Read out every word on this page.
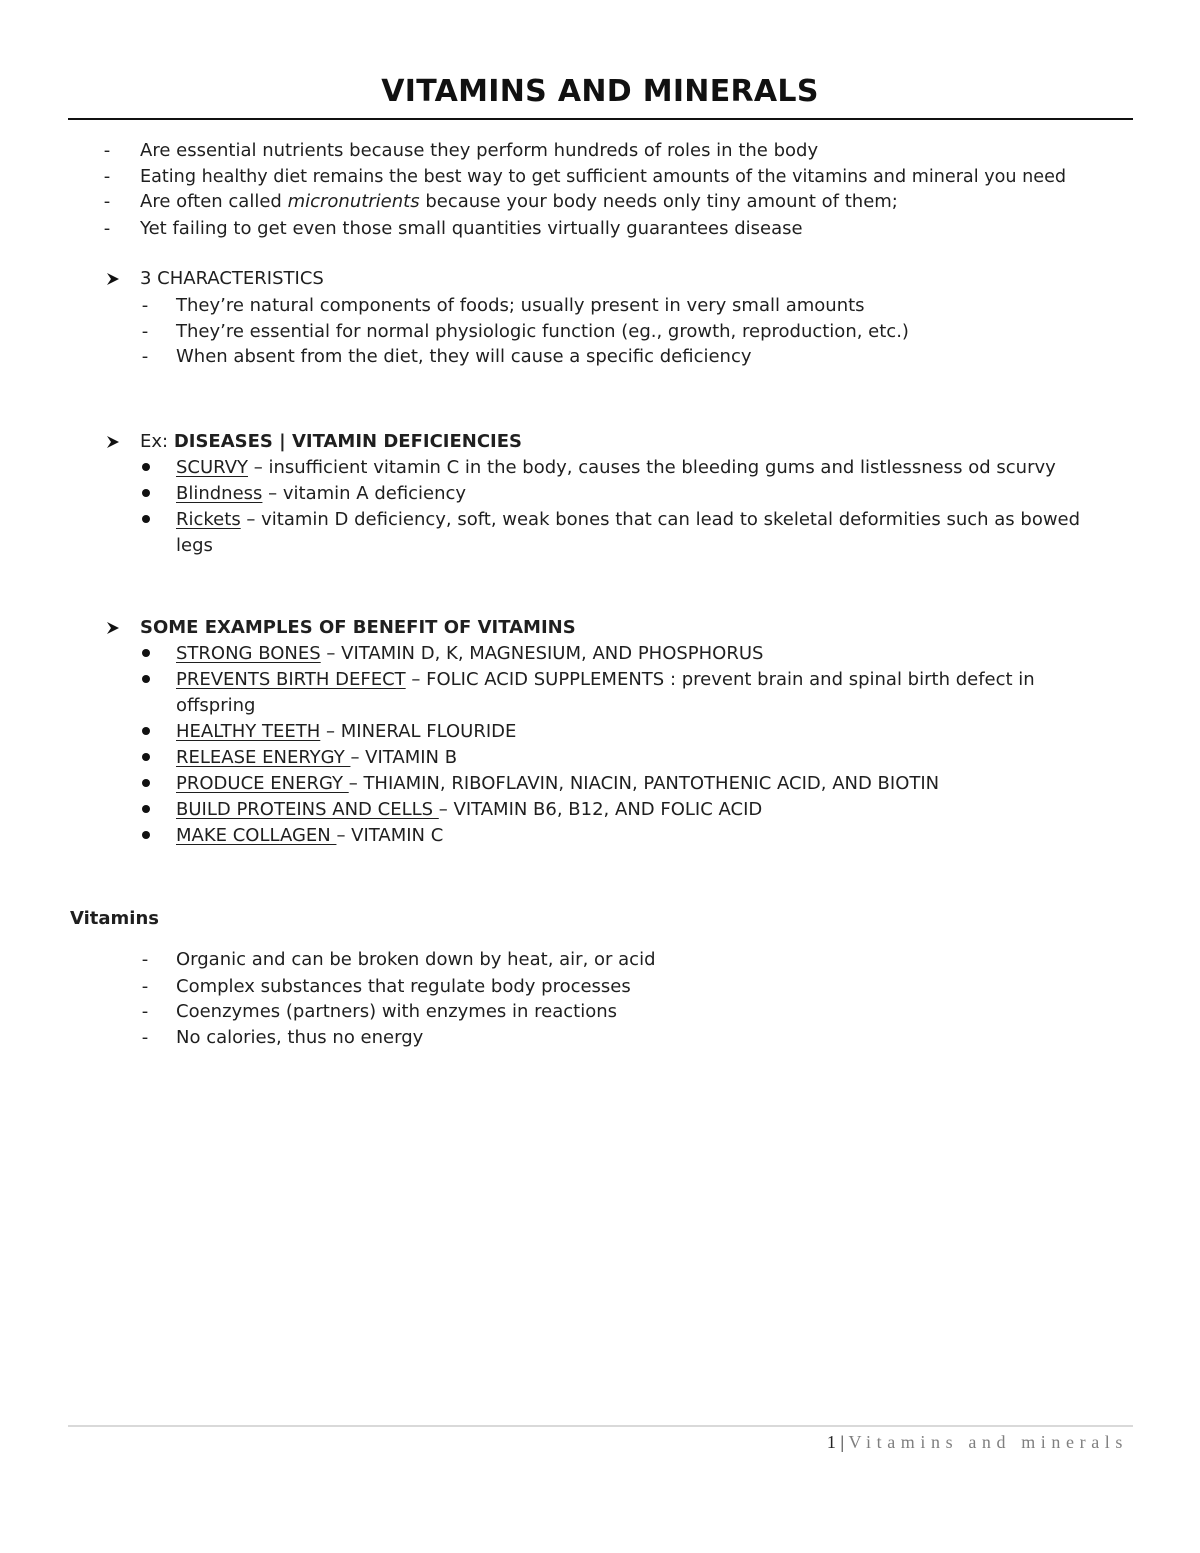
VITAMINS AND MINERALS
- Are essential nutrients because they perform hundreds of roles in the body
- Eating healthy diet remains the best way to get sufficient amounts of the vitamins and mineral you need
- Are often called micronutrients because your body needs only tiny amount of them;
- Yet failing to get even those small quantities virtually guarantees disease
3 CHARACTERISTICS
- They’re natural components of foods; usually present in very small amounts
- They’re essential for normal physiologic function (eg., growth, reproduction, etc.)
- When absent from the diet, they will cause a specific deficiency
Ex: DISEASES | VITAMIN DEFICIENCIES
SCURVY – insufficient vitamin C in the body, causes the bleeding gums and listlessness od scurvy
Blindness – vitamin A deficiency
Rickets – vitamin D deficiency, soft, weak bones that can lead to skeletal deformities such as bowed
legs
SOME EXAMPLES OF BENEFIT OF VITAMINS
STRONG BONES – VITAMIN D, K, MAGNESIUM, AND PHOSPHORUS
PREVENTS BIRTH DEFECT – FOLIC ACID SUPPLEMENTS : prevent brain and spinal birth defect in
offspring
HEALTHY TEETH – MINERAL FLOURIDE
RELEASE ENERYGY – VITAMIN B
PRODUCE ENERGY – THIAMIN, RIBOFLAVIN, NIACIN, PANTOTHENIC ACID, AND BIOTIN
BUILD PROTEINS AND CELLS – VITAMIN B6, B12, AND FOLIC ACID
MAKE COLLAGEN – VITAMIN C
Vitamins
- Organic and can be broken down by heat, air, or acid
- Complex substances that regulate body processes
- Coenzymes (partners) with enzymes in reactions
- No calories, thus no energy
1 | Vitamins and minerals
